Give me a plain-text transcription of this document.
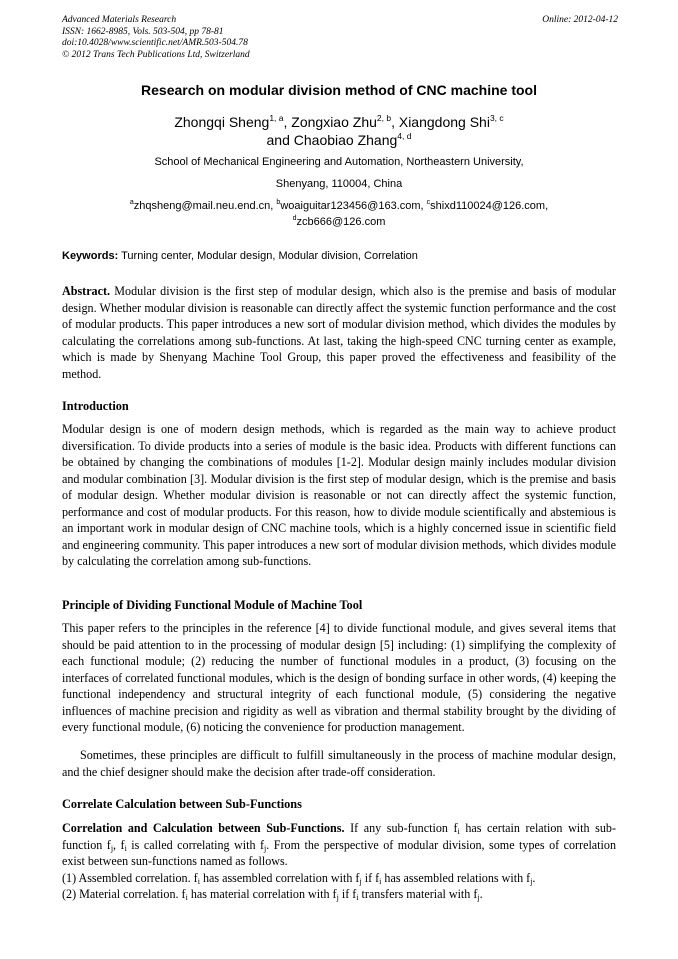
Advanced Materials Research
ISSN: 1662-8985, Vols. 503-504, pp 78-81
doi:10.4028/www.scientific.net/AMR.503-504.78
© 2012 Trans Tech Publications Ltd, Switzerland
Online: 2012-04-12
Research on modular division method of CNC machine tool
Zhongqi Sheng$^{1, a}$, Zongxiao Zhu$^{2, b}$, Xiangdong Shi$^{3, c}$
and Chaobiao Zhang$^{4, d}$
School of Mechanical Engineering and Automation, Northeastern University,
Shenyang, 110004, China
$^a$zhqsheng@mail.neu.end.cn, $^b$woaiguitar123456@163.com, $^c$shixd110024@126.com,
$^d$zcb666@126.com
Keywords: Turning center, Modular design, Modular division, Correlation

Abstract. Modular division is the first step of modular design, which also is the premise and basis of modular design. Whether modular division is reasonable can directly affect the systemic function performance and the cost of modular products. This paper introduces a new sort of modular division method, which divides the modules by calculating the correlations among sub-functions. At last, taking the high-speed CNC turning center as example, which is made by Shenyang Machine Tool Group, this paper proved the effectiveness and feasibility of the method.

Introduction

Modular design is one of modern design methods, which is regarded as the main way to achieve product diversification. To divide products into a series of module is the basic idea. Products with different functions can be obtained by changing the combinations of modules [1-2]. Modular design mainly includes modular division and modular combination [3]. Modular division is the first step of modular design, which is the premise and basis of modular design. Whether modular division is reasonable or not can directly affect the systemic function, performance and cost of modular products. For this reason, how to divide module scientifically and abstemious is an important work in modular design of CNC machine tools, which is a highly concerned issue in scientific field and engineering community. This paper introduces a new sort of modular division methods, which divides module by calculating the correlation among sub-functions.

Principle of Dividing Functional Module of Machine Tool

This paper refers to the principles in the reference [4] to divide functional module, and gives several items that should be paid attention to in the processing of modular design [5] including: (1) simplifying the complexity of each functional module; (2) reducing the number of functional modules in a product, (3) focusing on the interfaces of correlated functional modules, which is the design of bonding surface in other words, (4) keeping the functional independency and structural integrity of each functional module, (5) considering the negative influences of machine precision and rigidity as well as vibration and thermal stability brought by the dividing of every functional module, (6) noticing the convenience for production management.

Sometimes, these principles are difficult to fulfill simultaneously in the process of machine modular design, and the chief designer should make the decision after trade-off consideration.

Correlate Calculation between Sub-Functions

Correlation and Calculation between Sub-Functions. If any sub-function $f_i$ has certain relation with sub-function $f_j$, $f_i$ is called correlating with $f_j$. From the perspective of modular division, some types of correlation exist between sun-functions named as follows.
(1) Assembled correlation. $f_i$ has assembled correlation with $f_j$ if $f_i$ has assembled relations with $f_j$.
(2) Material correlation. $f_i$ has material correlation with $f_j$ if $f_i$ transfers material with $f_j$.
